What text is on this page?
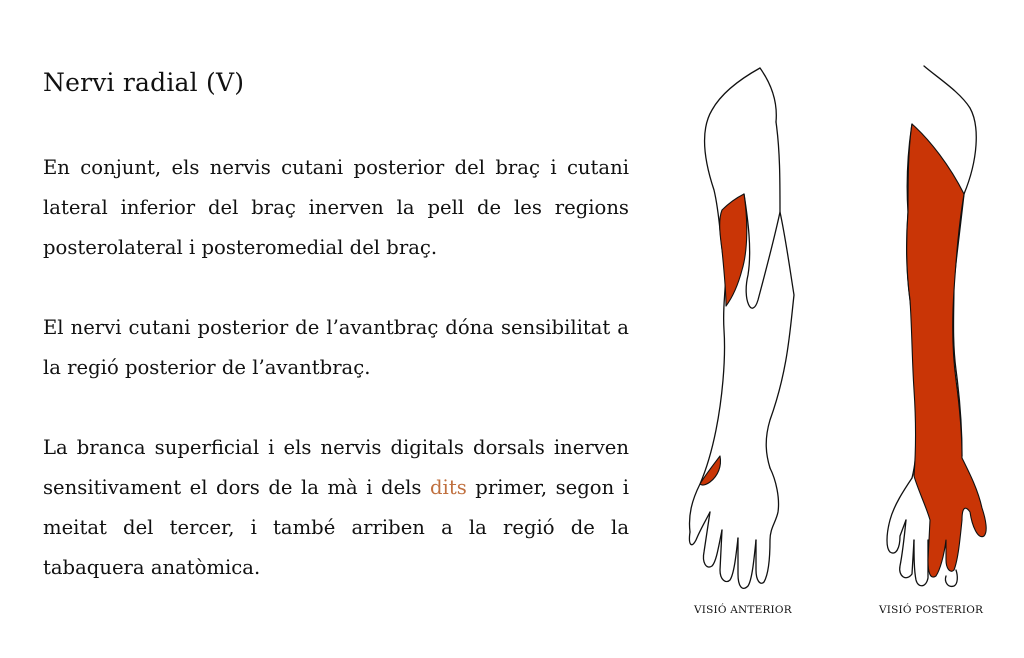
Nervi radial (V)

En conjunt, els nervis cutani posterior del braç i cutani lateral inferior del braç inerven la pell de les regions posterolateral i posteromedial del braç.

El nervi cutani posterior de l’avantbraç dóna sensibilitat a la regió posterior de l’avantbraç.

La branca superficial i els nervis digitals dorsals inerven sensitivament el dors de la mà i dels dits primer, segon i meitat del tercer, i també arriben a la regió de la tabaquera anatòmica.

VISIÓ ANTERIOR	VISIÓ POSTERIOR
